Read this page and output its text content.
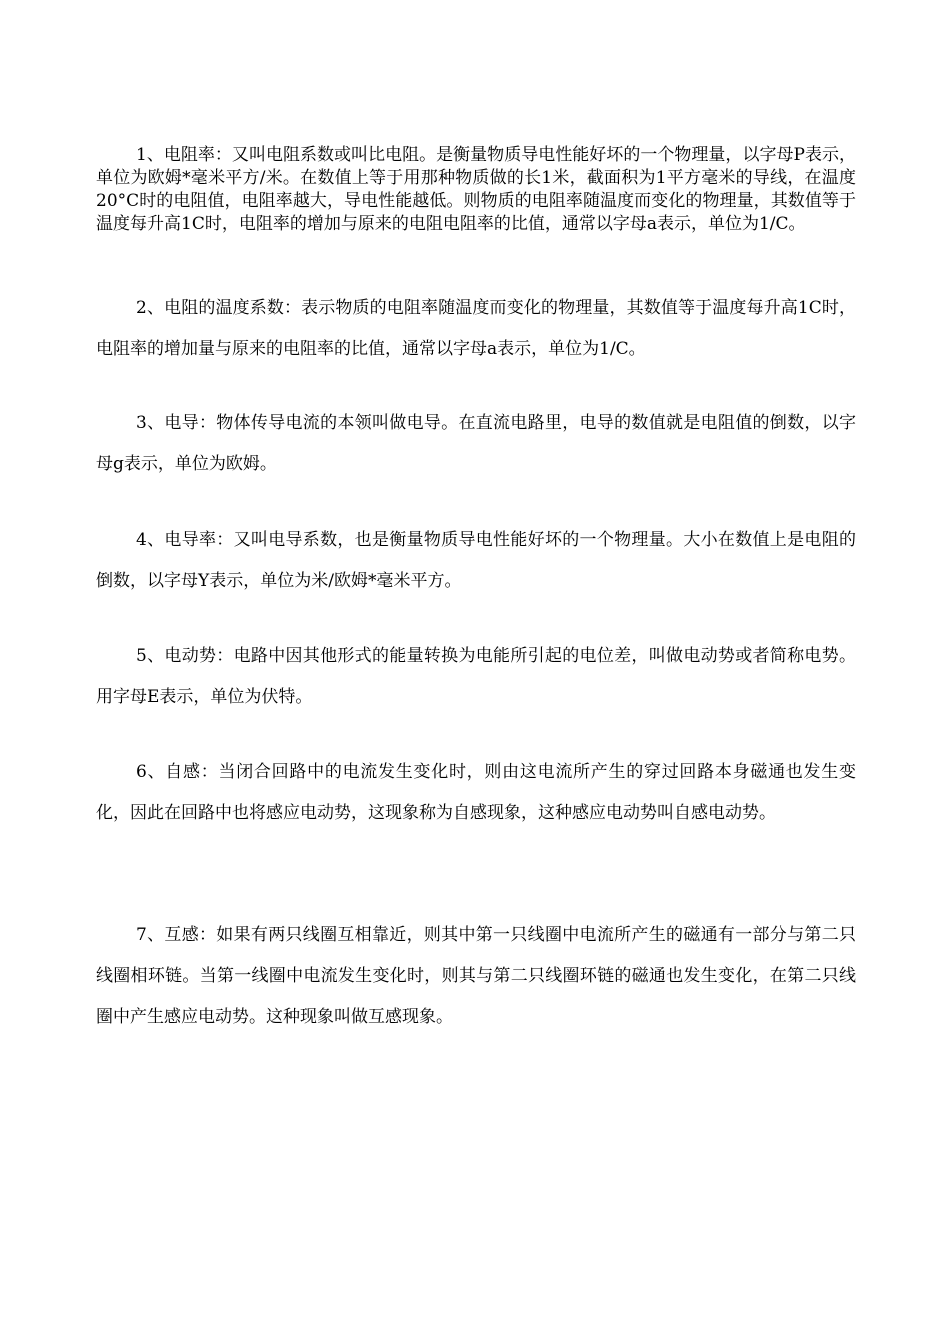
1、电阻率：又叫电阻系数或叫比电阻。是衡量物质导电性能好坏的一个物理量，以字母P表示，单位为欧姆*毫米平方/米。在数值上等于用那种物质做的长1米，截面积为1平方毫米的导线，在温度20°C时的电阻值，电阻率越大，导电性能越低。则物质的电阻率随温度而变化的物理量，其数值等于温度每升高1C时，电阻率的增加与原来的电阻电阻率的比值，通常以字母a表示，单位为1/C。

2、电阻的温度系数：表示物质的电阻率随温度而变化的物理量，其数值等于温度每升高1C时，电阻率的增加量与原来的电阻率的比值，通常以字母a表示，单位为1/C。

3、电导：物体传导电流的本领叫做电导。在直流电路里，电导的数值就是电阻值的倒数，以字母g表示，单位为欧姆。

4、电导率：又叫电导系数，也是衡量物质导电性能好坏的一个物理量。大小在数值上是电阻的倒数，以字母Y表示，单位为米/欧姆*毫米平方。

5、电动势：电路中因其他形式的能量转换为电能所引起的电位差，叫做电动势或者简称电势。用字母E表示，单位为伏特。

6、自感：当闭合回路中的电流发生变化时，则由这电流所产生的穿过回路本身磁通也发生变化，因此在回路中也将感应电动势，这现象称为自感现象，这种感应电动势叫自感电动势。

7、互感：如果有两只线圈互相靠近，则其中第一只线圈中电流所产生的磁通有一部分与第二只线圈相环链。当第一线圈中电流发生变化时，则其与第二只线圈环链的磁通也发生变化，在第二只线圈中产生感应电动势。这种现象叫做互感现象。
